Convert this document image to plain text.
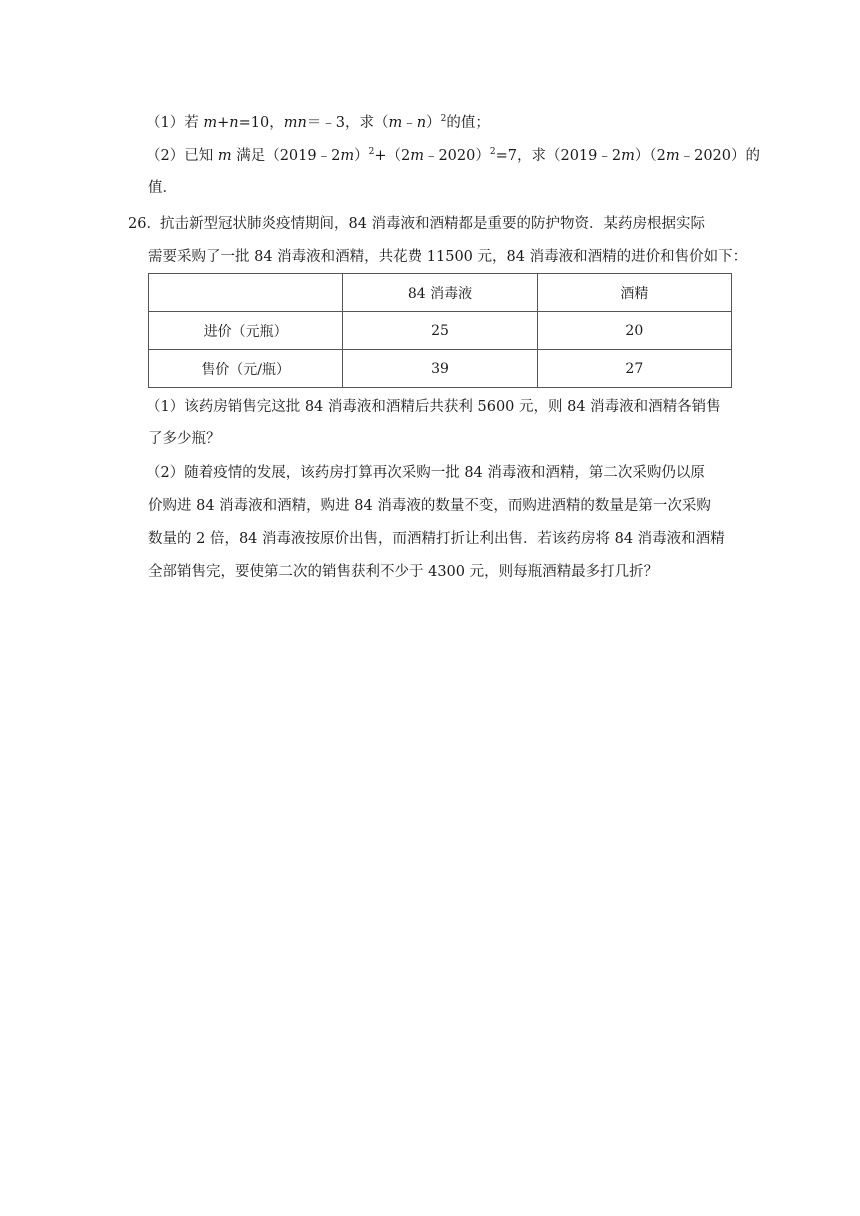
（1）若 m+n=10，mn＝﹣3，求（m﹣n）$^2$的值；
（2）已知 m 满足（2019﹣2m）$^2$+（2m﹣2020）$^2$=7，求（2019﹣2m）（2m﹣2020）的
值．
26． 抗击新型冠状肺炎疫情期间，84 消毒液和酒精都是重要的防护物资．某药房根据实际
需要采购了一批 84 消毒液和酒精，共花费 11500 元，84 消毒液和酒精的进价和售价如下：
	84 消毒液	酒精
进价（元瓶）	25	20
售价（元/瓶）	39	27
（1）该药房销售完这批 84 消毒液和酒精后共获利 5600 元，则 84 消毒液和酒精各销售
了多少瓶？
（2）随着疫情的发展，该药房打算再次采购一批 84 消毒液和酒精，第二次采购仍以原
价购进 84 消毒液和酒精，购进 84 消毒液的数量不变，而购进酒精的数量是第一次采购
数量的 2 倍，84 消毒液按原价出售，而酒精打折让利出售．若该药房将 84 消毒液和酒精
全部销售完，要使第二次的销售获利不少于 4300 元，则每瓶酒精最多打几折？
